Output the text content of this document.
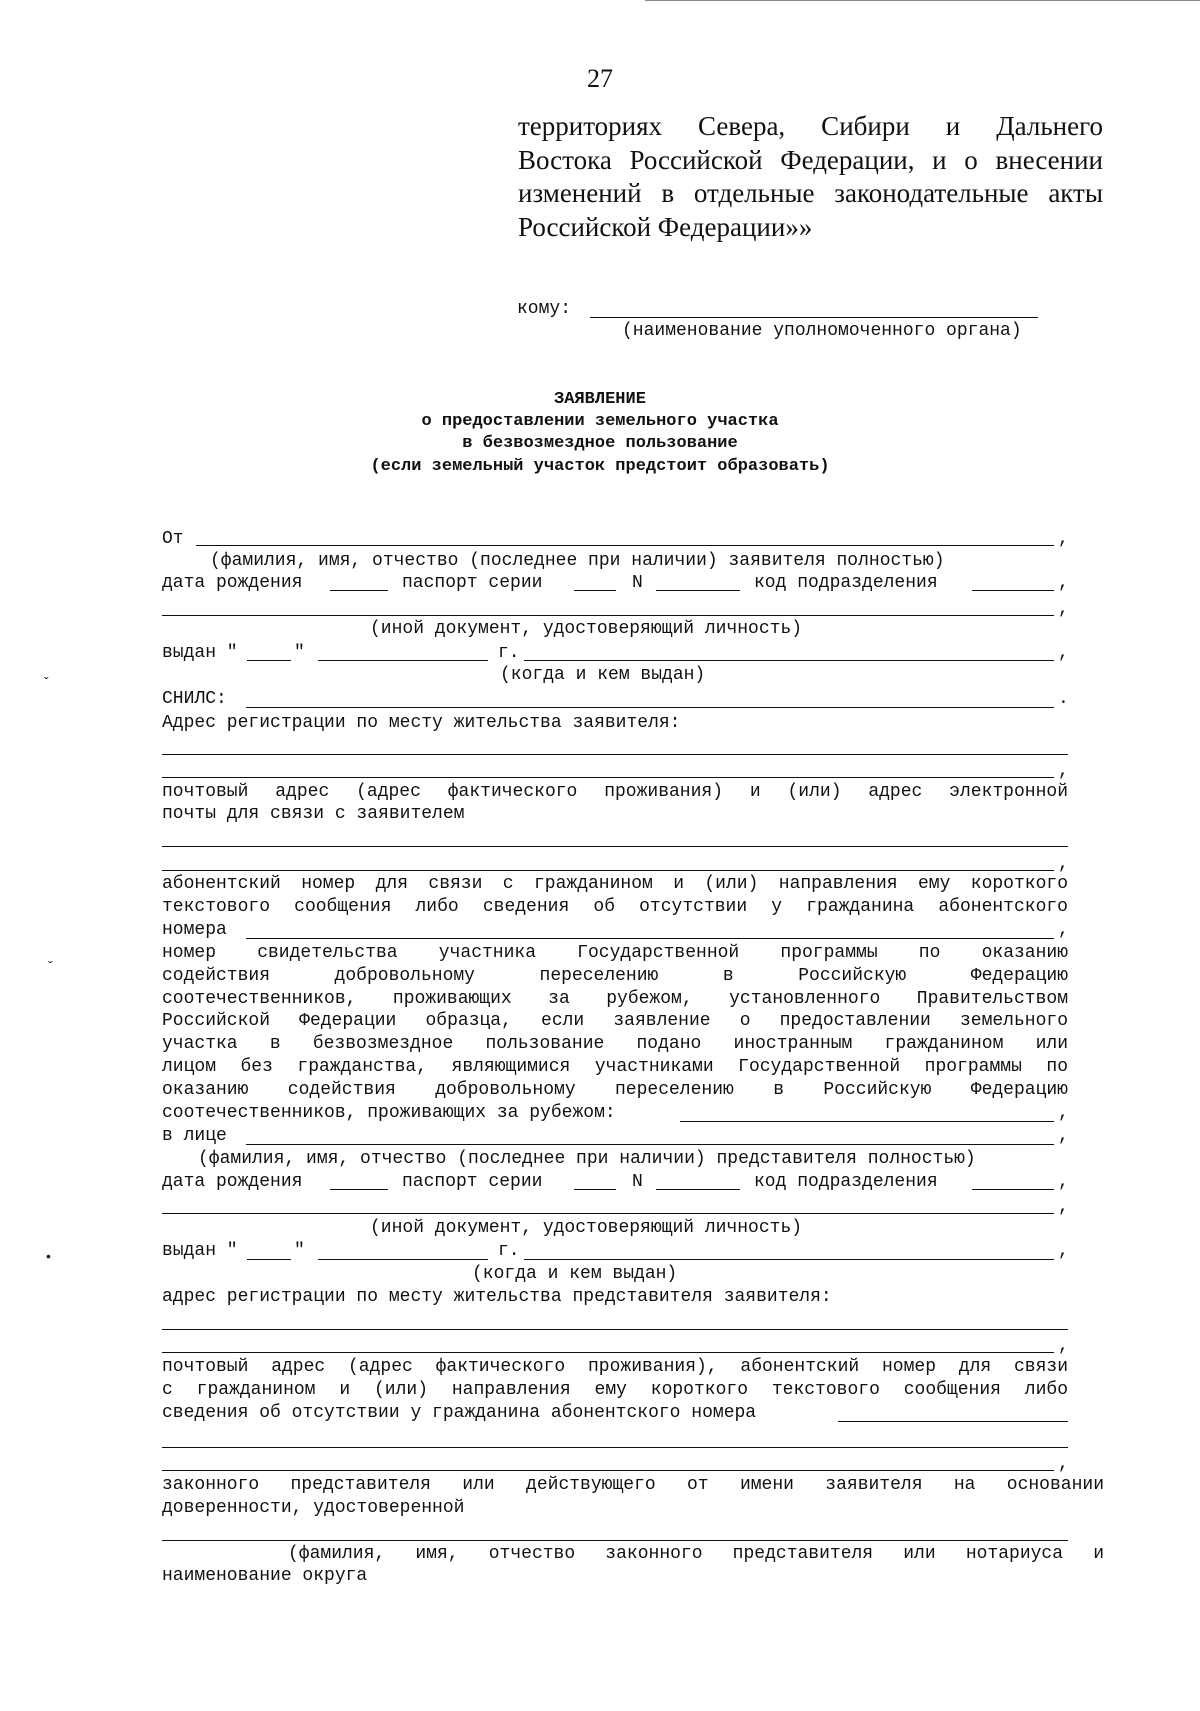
27
территориях Севера, Сибири и Дальнего
Востока Российской Федерации, и о внесении
изменений в отдельные законодательные акты
Российской Федерации»»
кому:
(наименование уполномоченного органа)
ЗАЯВЛЕНИЕ
о предоставлении земельного участка
в безвозмездное пользование
(если земельный участок предстоит образовать)
От	,
(фамилия, имя, отчество (последнее при наличии) заявителя полностью)
дата рождения	паспорт серии	N	код подразделения	,
,
(иной документ, удостоверяющий личность)
выдан "	"	г.	,
(когда и кем выдан)
СНИЛС:	.
Адрес регистрации по месту жительства заявителя:
,
почтовый адрес (адрес фактического проживания) и (или) адрес электронной
почты для связи с заявителем
,
абонентский номер для связи с гражданином и (или) направления ему короткого
текстового сообщения либо сведения об отсутствии у гражданина абонентского
номера	,
номер свидетельства участника Государственной программы по оказанию
содействия добровольному переселению в Российскую Федерацию
соотечественников, проживающих за рубежом, установленного Правительством
Российской Федерации образца, если заявление о предоставлении земельного
участка в безвозмездное пользование подано иностранным гражданином или
лицом без гражданства, являющимися участниками Государственной программы по
оказанию содействия добровольному переселению в Российскую Федерацию
соотечественников, проживающих за рубежом:	,
в лице	,
(фамилия, имя, отчество (последнее при наличии) представителя полностью)
дата рождения	паспорт серии	N	код подразделения	,
,
(иной документ, удостоверяющий личность)
выдан "	"	г.	,
(когда и кем выдан)
адрес регистрации по месту жительства представителя заявителя:
,
почтовый адрес (адрес фактического проживания), абонентский номер для связи
с гражданином и (или) направления ему короткого текстового сообщения либо
сведения об отсутствии у гражданина абонентского номера
,
законного представителя или действующего от имени заявителя на основании
доверенности, удостоверенной
(фамилия, имя, отчество законного представителя или нотариуса и
наименование округа
ˇ
ˇ
•
